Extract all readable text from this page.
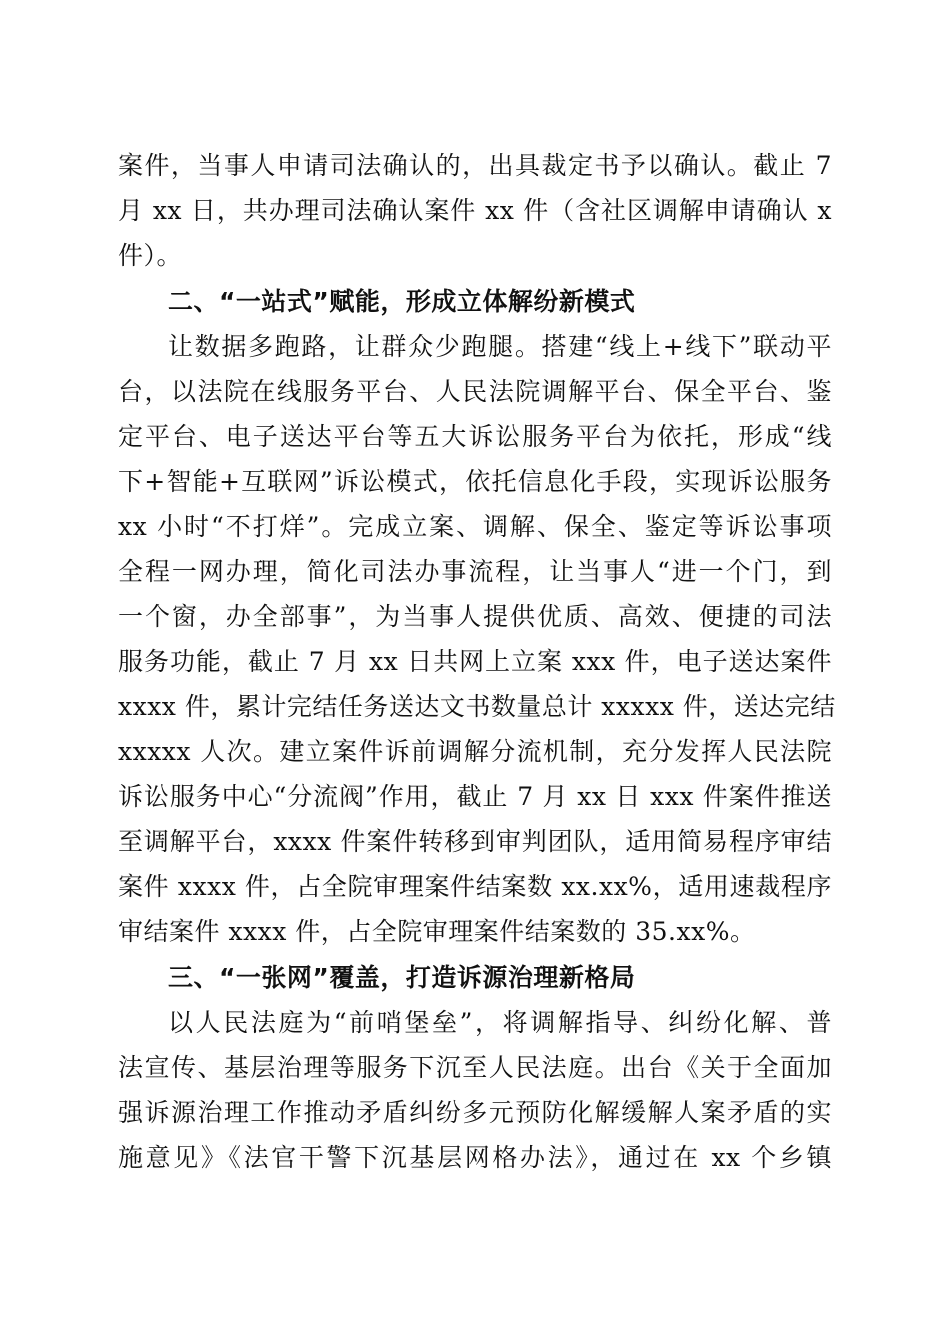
案件，当事人申请司法确认的，出具裁定书予以确认。截止 7
月 xx 日，共办理司法确认案件 xx 件（含社区调解申请确认 x
件）。
二、“一站式”赋能，形成立体解纷新模式
让数据多跑路，让群众少跑腿。搭建“线上+线下”联动平
台，以法院在线服务平台、人民法院调解平台、保全平台、鉴
定平台、电子送达平台等五大诉讼服务平台为依托，形成“线
下+智能+互联网”诉讼模式，依托信息化手段，实现诉讼服务
xx 小时“不打烊”。完成立案、调解、保全、鉴定等诉讼事项
全程一网办理，简化司法办事流程，让当事人“进一个门，到
一个窗，办全部事”，为当事人提供优质、高效、便捷的司法
服务功能，截止 7 月 xx 日共网上立案 xxx 件，电子送达案件
xxxx 件，累计完结任务送达文书数量总计 xxxxx 件，送达完结
xxxxx 人次。建立案件诉前调解分流机制，充分发挥人民法院
诉讼服务中心“分流阀”作用，截止 7 月 xx 日 xxx 件案件推送
至调解平台，xxxx 件案件转移到审判团队，适用简易程序审结
案件 xxxx 件，占全院审理案件结案数 xx.xx%，适用速裁程序
审结案件 xxxx 件，占全院审理案件结案数的 35.xx%。
三、“一张网”覆盖，打造诉源治理新格局
以人民法庭为“前哨堡垒”，将调解指导、纠纷化解、普
法宣传、基层治理等服务下沉至人民法庭。出台《关于全面加
强诉源治理工作推动矛盾纠纷多元预防化解缓解人案矛盾的实
施意见》《法官干警下沉基层网格办法》，通过在 xx 个乡镇
